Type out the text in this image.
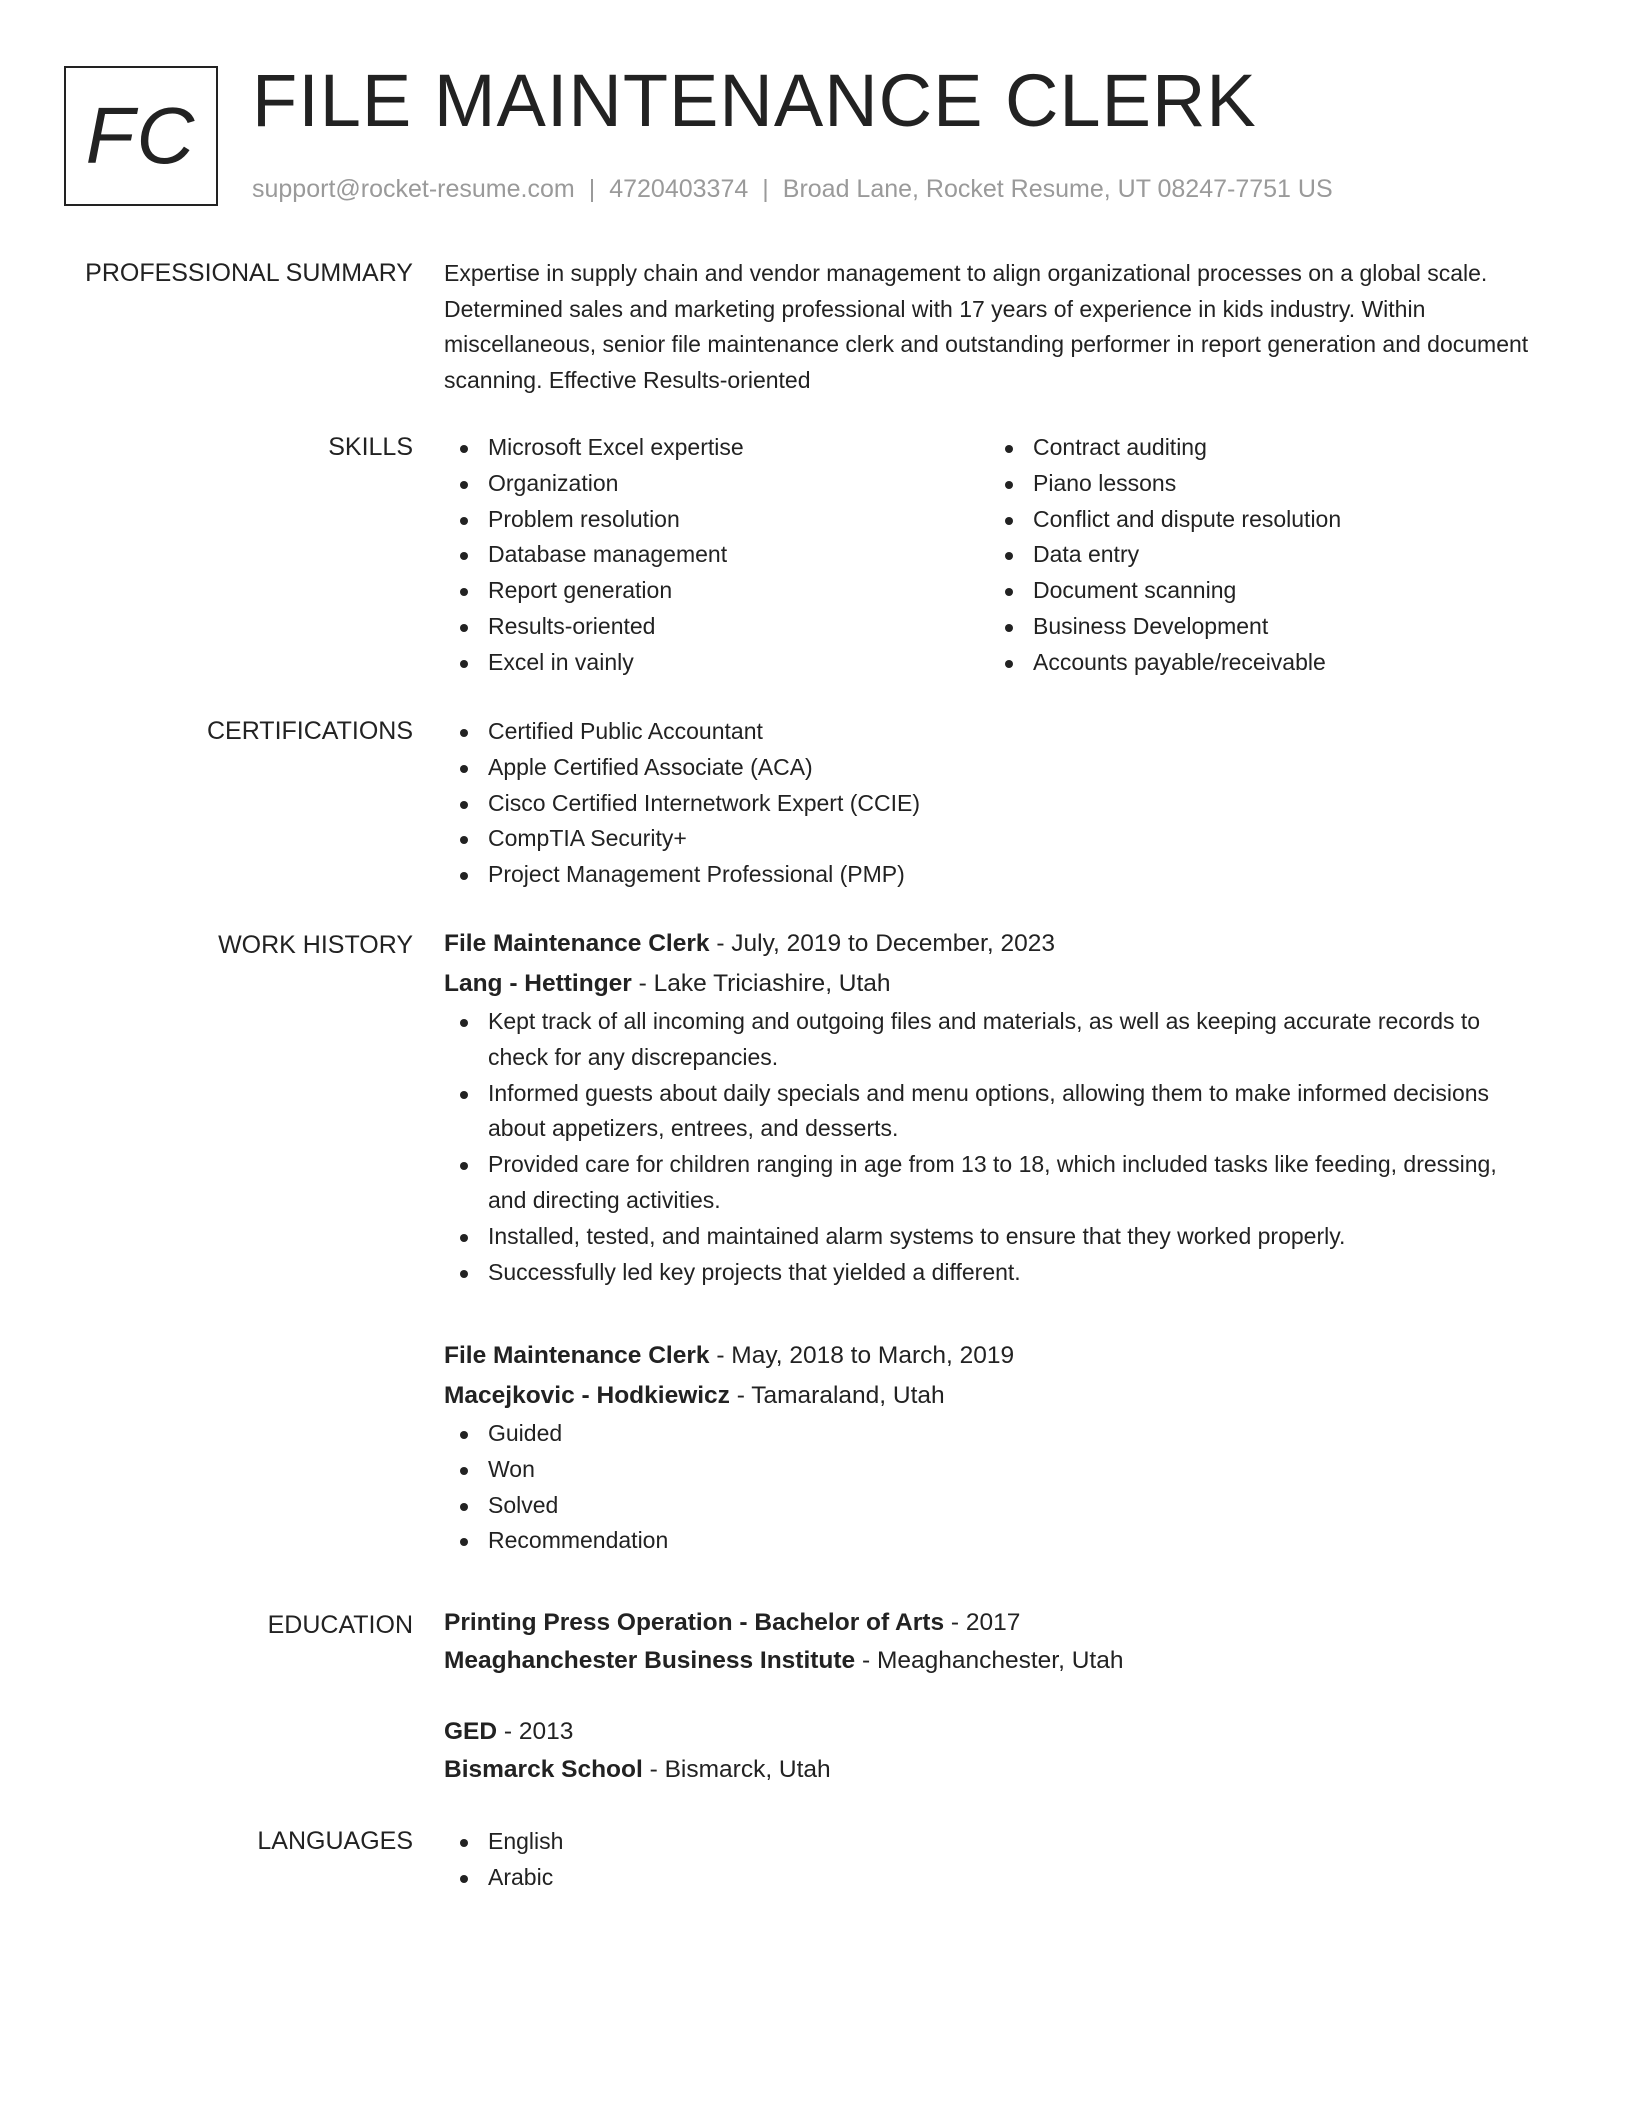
FC FILE MAINTENANCE CLERK
support@rocket-resume.com | 4720403374 | Broad Lane, Rocket Resume, UT 08247-7751 US
PROFESSIONAL SUMMARY Expertise in supply chain and vendor management to align organizational processes on a global scale. Determined sales and marketing professional with 17 years of experience in kids industry. Within miscellaneous, senior file maintenance clerk and outstanding performer in report generation and document scanning. Effective Results-oriented

SKILLS	Microsoft Excel expertise
Organization
Problem resolution
Database management
Report generation
Results-oriented
Excel in vainly
Contract auditing
Piano lessons
Conflict and dispute resolution
Data entry
Document scanning
Business Development
Accounts payable/receivable
CERTIFICATIONS	Certified Public Accountant
Apple Certified Associate (ACA)
Cisco Certified Internetwork Expert (CCIE)
CompTIA Security+
Project Management Professional (PMP)
WORK HISTORY File Maintenance Clerk - July, 2019 to December, 2023
Lang - Hettinger - Lake Triciashire, Utah
Kept track of all incoming and outgoing files and materials, as well as keeping accurate records to check for any discrepancies.
Informed guests about daily specials and menu options, allowing them to make informed decisions about appetizers, entrees, and desserts.
Provided care for children ranging in age from 13 to 18, which included tasks like feeding, dressing, and directing activities.
Installed, tested, and maintained alarm systems to ensure that they worked properly.
Successfully led key projects that yielded a different.
File Maintenance Clerk - May, 2018 to March, 2019
Macejkovic - Hodkiewicz - Tamaraland, Utah
Guided
Won
Solved
Recommendation
EDUCATION Printing Press Operation - Bachelor of Arts - 2017
Meaghanchester Business Institute - Meaghanchester, Utah
GED - 2013
Bismarck School - Bismarck, Utah
LANGUAGES	English
Arabic
